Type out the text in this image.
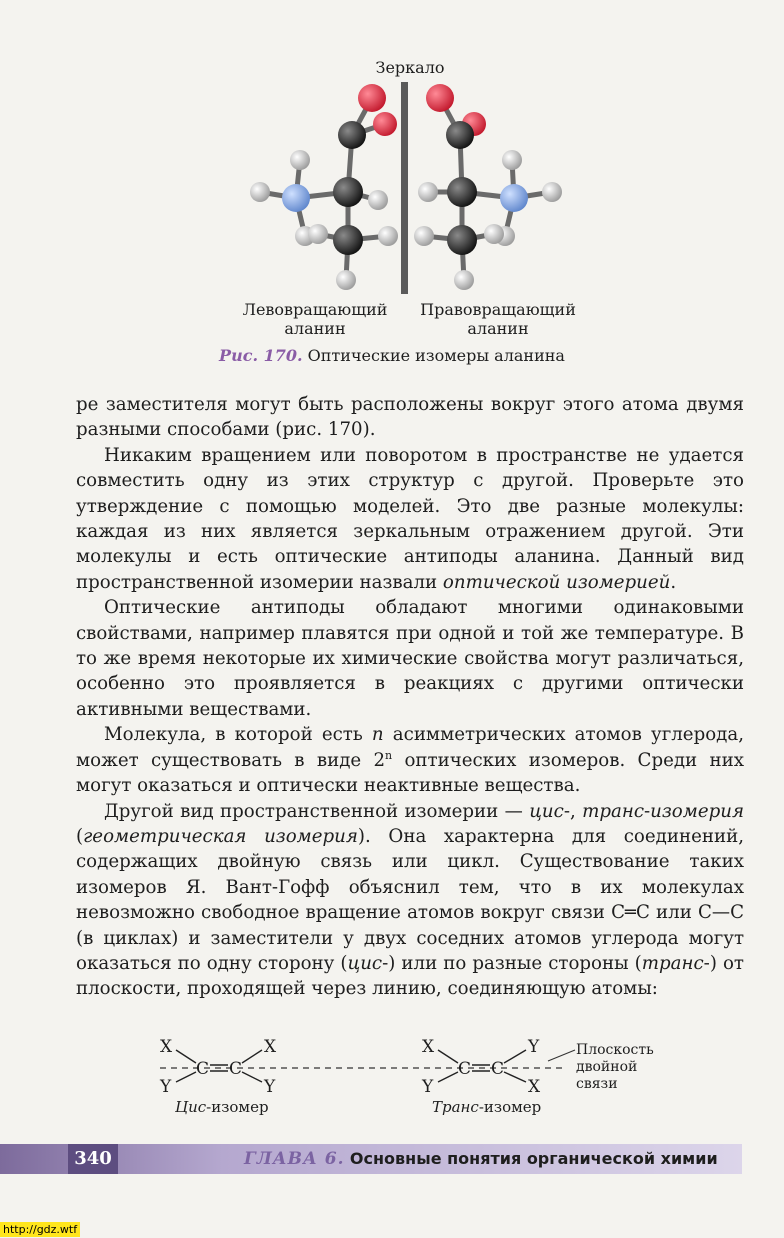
Зеркало
Левовращающий
аланин
Правовращающий
аланин
Рис. 170. Оптические изомеры аланина

ре заместителя могут быть расположены вокруг этого атома двумя разными способами (рис. 170).

Никаким вращением или поворотом в пространстве не удается совместить одну из этих структур с другой. Проверьте это утверждение с помощью моделей. Это две разные молекулы: каждая из них является зеркальным отражением другой. Эти молекулы и есть оптические антиподы аланина. Данный вид пространственной изомерии назвали оптической изомерией.

Оптические антиподы обладают многими одинаковыми свойствами, например плавятся при одной и той же температуре. В то же время некоторые их химические свойства могут различаться, особенно это проявляется в реакциях с другими оптически активными веществами.

Молекула, в которой есть n асимметрических атомов углерода, может существовать в виде 2$^n$ оптических изомеров. Среди них могут оказаться и оптически неактивные вещества.

Другой вид пространственной изомерии — цис-, транс-изомерия (геометрическая изомерия). Она характерна для соединений, содержащих двойную связь или цикл. Существование таких изомеров Я. Вант-Гофф объяснил тем, что в их молекулах невозможно свободное вращение атомов вокруг связи C═C или C—C (в циклах) и заместители у двух соседних атомов углерода могут оказаться по одну сторону (цис-) или по разные стороны (транс-) от плоскости, проходящей через линию, соединяющую атомы:

X
Y
C C
X
Y
X
Y
C C
Y
X
Плоскость
двойной
связи
Цис-изомер	Транс-изомер
340	ГЛАВА 6. Основные понятия органической химии
http://gdz.wtf
